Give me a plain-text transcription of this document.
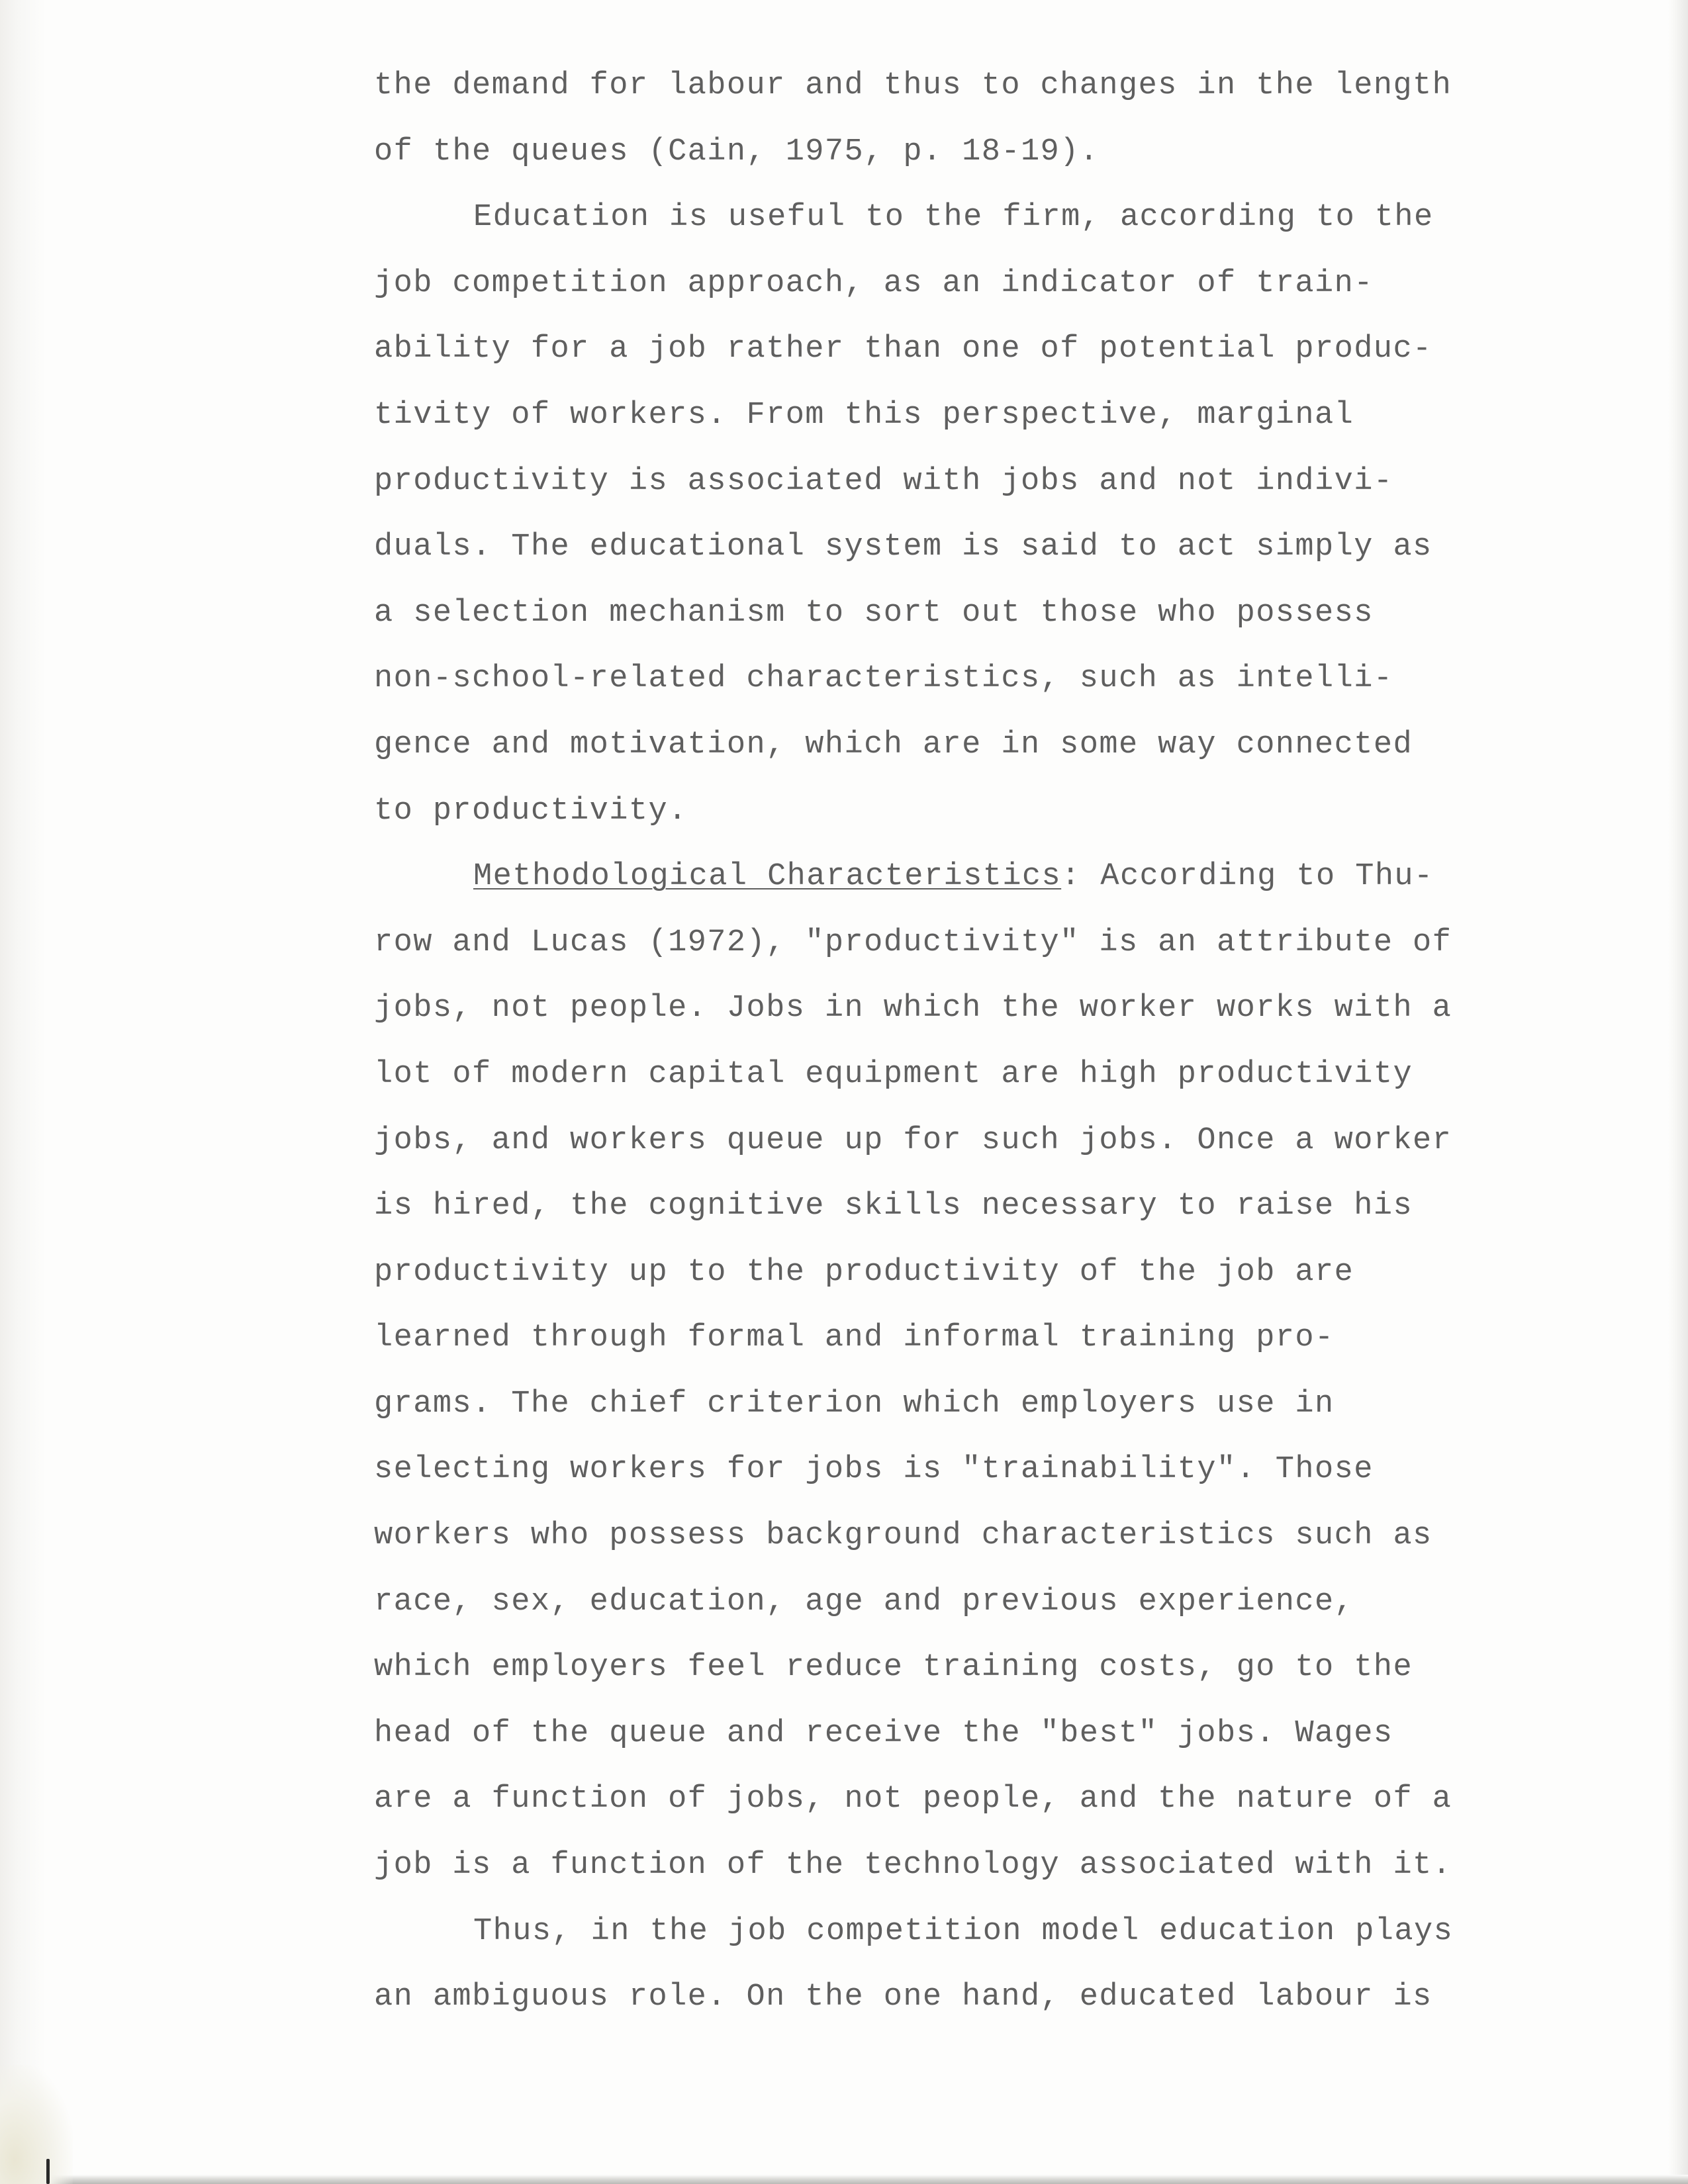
the demand for labour and thus to changes in the length
of the queues (Cain, 1975, p. 18-19).
Education is useful to the firm, according to the
job competition approach, as an indicator of train-
ability for a job rather than one of potential produc-
tivity of workers. From this perspective, marginal
productivity is associated with jobs and not indivi-
duals. The educational system is said to act simply as
a selection mechanism to sort out those who possess
non-school-related characteristics, such as intelli-
gence and motivation, which are in some way connected
to productivity.
Methodological Characteristics: According to Thu-
row and Lucas (1972), "productivity" is an attribute of
jobs, not people. Jobs in which the worker works with a
lot of modern capital equipment are high productivity
jobs, and workers queue up for such jobs. Once a worker
is hired, the cognitive skills necessary to raise his
productivity up to the productivity of the job are
learned through formal and informal training pro-
grams. The chief criterion which employers use in
selecting workers for jobs is "trainability". Those
workers who possess background characteristics such as
race, sex, education, age and previous experience,
which employers feel reduce training costs, go to the
head of the queue and receive the "best" jobs. Wages
are a function of jobs, not people, and the nature of a
job is a function of the technology associated with it.
Thus, in the job competition model education plays
an ambiguous role. On the one hand, educated labour is
